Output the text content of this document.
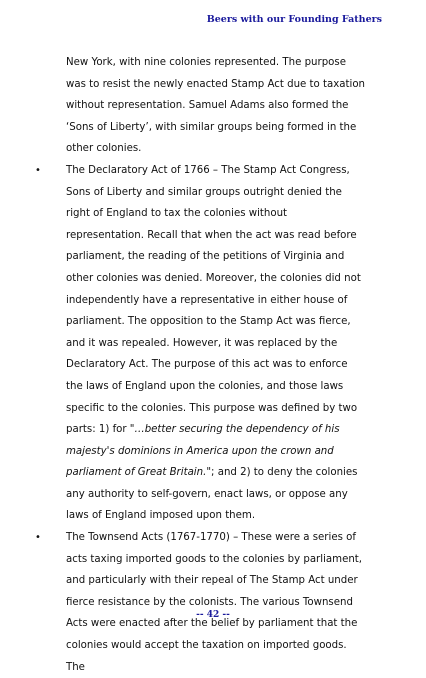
Beers with our Founding Fathers

New York, with nine colonies represented. The purpose was to resist the newly enacted Stamp Act due to taxation without representation. Samuel Adams also formed the ‘Sons of Liberty’, with similar groups being formed in the other colonies.

• The Declaratory Act of 1766 – The Stamp Act Congress, Sons of Liberty and similar groups outright denied the right of England to tax the colonies without representation. Recall that when the act was read before parliament, the reading of the petitions of Virginia and other colonies was denied. Moreover, the colonies did not independently have a representative in either house of parliament. The opposition to the Stamp Act was fierce, and it was repealed. However, it was replaced by the Declaratory Act. The purpose of this act was to enforce the laws of England upon the colonies, and those laws specific to the colonies. This purpose was defined by two parts: 1) for "…better securing the dependency of his majesty's dominions in America upon the crown and parliament of Great Britain."; and 2) to deny the colonies any authority to self-govern, enact laws, or oppose any laws of England imposed upon them.

• The Townsend Acts (1767-1770) – These were a series of acts taxing imported goods to the colonies by parliament, and particularly with their repeal of The Stamp Act under fierce resistance by the colonists. The various Townsend Acts were enacted after the belief by parliament that the colonies would accept the taxation on imported goods. The

-- 42 --
